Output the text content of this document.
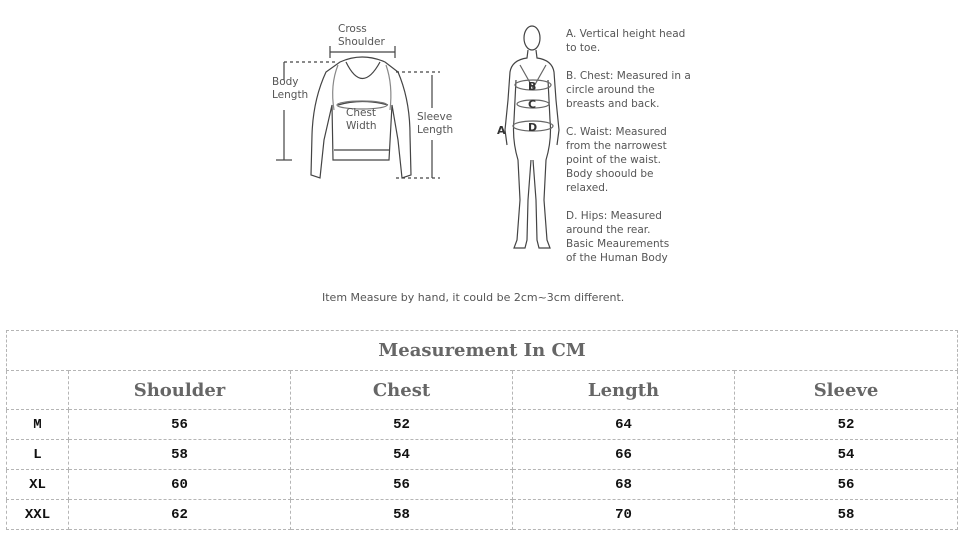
Cross
Shoulder
Body
Length
Chest
Width
Sleeve
Length	A
B
C
D
A. Vertical height head
to toe.
B. Chest: Measured in a
circle around the
breasts and back.
C. Waist: Measured
from the narrowest
point of the waist.
Body shoould be
relaxed.
D. Hips: Measured
around the rear.
Basic Meaurements
of the Human Body
Item Measure by hand, it could be 2cm~3cm different.
Measurement In CM				
	Shoulder	Chest	Length	Sleeve
M	56	52	64	52
L	58	54	66	54
XL	60	56	68	56
XXL	62	58	70	58
